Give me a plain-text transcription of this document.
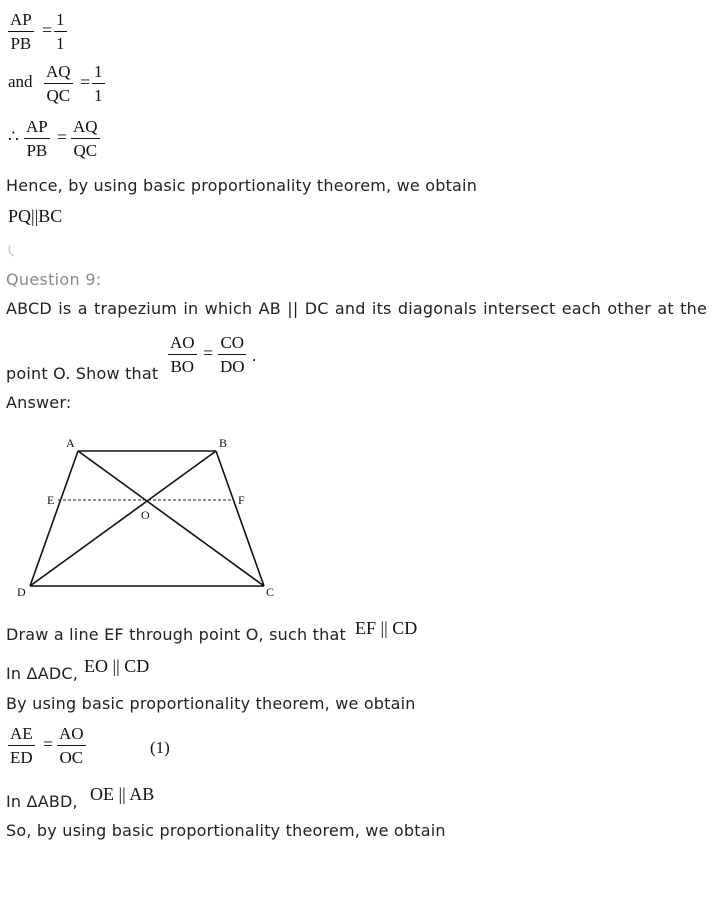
$\frac{AP}{PB} = \frac{1}{1}$
and $\frac{AQ}{QC} = \frac{1}{1}$
∴ $\frac{AP}{PB} = \frac{AQ}{QC}$
Hence, by using basic proportionality theorem, we obtain
PQ||BC
Question 9:
ABCD is a trapezium in which AB || DC and its diagonals intersect each other at the
point O. Show that $\frac{AO}{BO} = \frac{CO}{DO}$ .
Answer:
A	B
C
D
E	F
O
Draw a line EF through point O, such that EF || CD
In ΔADC, EO || CD
By using basic proportionality theorem, we obtain
$\frac{AE}{ED} = \frac{AO}{OC}$	(1)
In ΔABD, OE || AB
So, by using basic proportionality theorem, we obtain
